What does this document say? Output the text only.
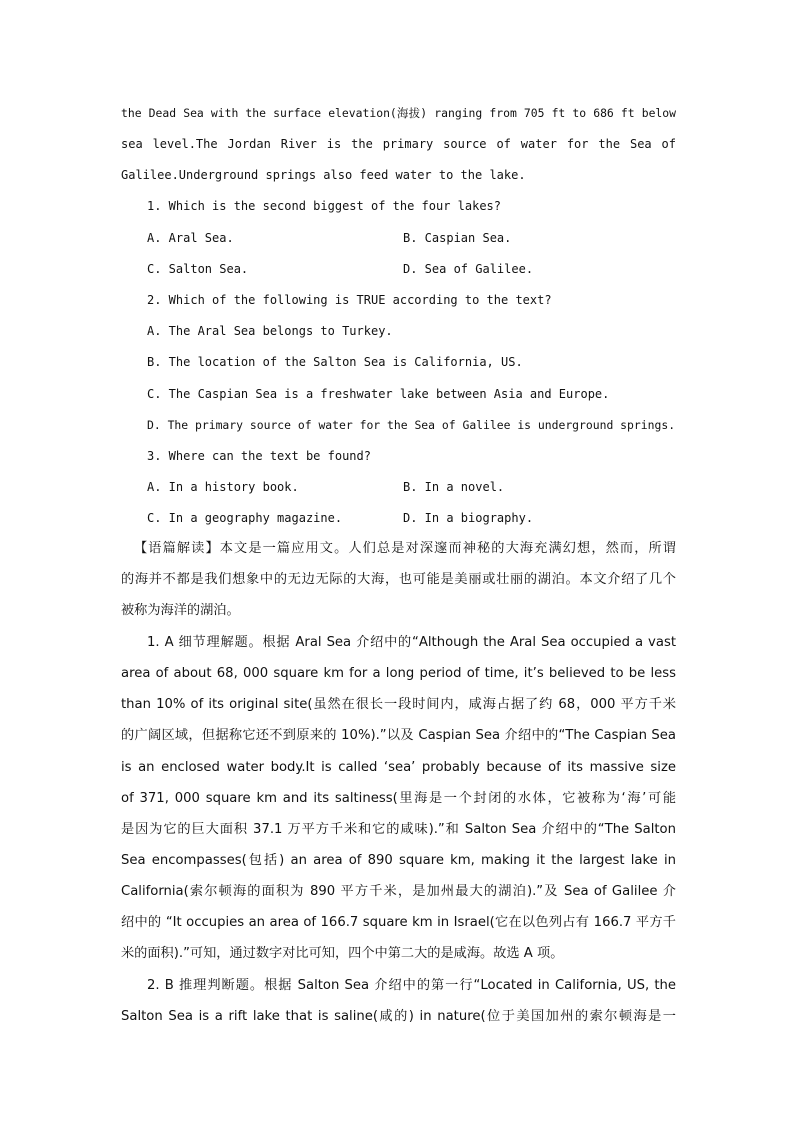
the Dead Sea with the surface elevation(海拔) ranging from 705 ft to 686 ft below
sea level.The Jordan River is the primary source of water for the Sea of
Galilee.Underground springs also feed water to the lake.
1. Which is the second biggest of the four lakes?
A. Aral Sea.	B. Caspian Sea.
C. Salton Sea.	D. Sea of Galilee.
2. Which of the following is TRUE according to the text?
A. The Aral Sea belongs to Turkey.
B. The location of the Salton Sea is California, US.
C. The Caspian Sea is a freshwater lake between Asia and Europe.
D. The primary source of water for the Sea of Galilee is underground springs.
3. Where can the text be found?
A. In a history book.	B. In a novel.
C. In a geography magazine.	D. In a biography.
【语篇解读】本文是一篇应用文。人们总是对深邃而神秘的大海充满幻想，然而，所谓
的海并不都是我们想象中的无边无际的大海，也可能是美丽或壮丽的湖泊。本文介绍了几个
被称为海洋的湖泊。
1. A 细节理解题。根据 Aral Sea 介绍中的“Although the Aral Sea occupied a vast
area of about 68, 000 square km for a long period of time, it’s believed to be less
than 10% of its original site(虽然在很长一段时间内，咸海占据了约 68，000 平方千米
的广阔区域，但据称它还不到原来的 10%).”以及 Caspian Sea 介绍中的“The Caspian Sea
is an enclosed water body.It is called ‘sea’ probably because of its massive size
of 371, 000 square km and its saltiness(里海是一个封闭的水体，它被称为‘海’可能
是因为它的巨大面积 37.1 万平方千米和它的咸味).”和 Salton Sea 介绍中的“The Salton
Sea encompasses(包括) an area of 890 square km, making it the largest lake in
California(索尔顿海的面积为 890 平方千米，是加州最大的湖泊).”及 Sea of Galilee 介
绍中的 “It occupies an area of 166.7 square km in Israel(它在以色列占有 166.7 平方千
米的面积).”可知，通过数字对比可知，四个中第二大的是咸海。故选 A 项。
2. B 推理判断题。根据 Salton Sea 介绍中的第一行“Located in California, US, the
Salton Sea is a rift lake that is saline(咸的) in nature(位于美国加州的索尔顿海是一
